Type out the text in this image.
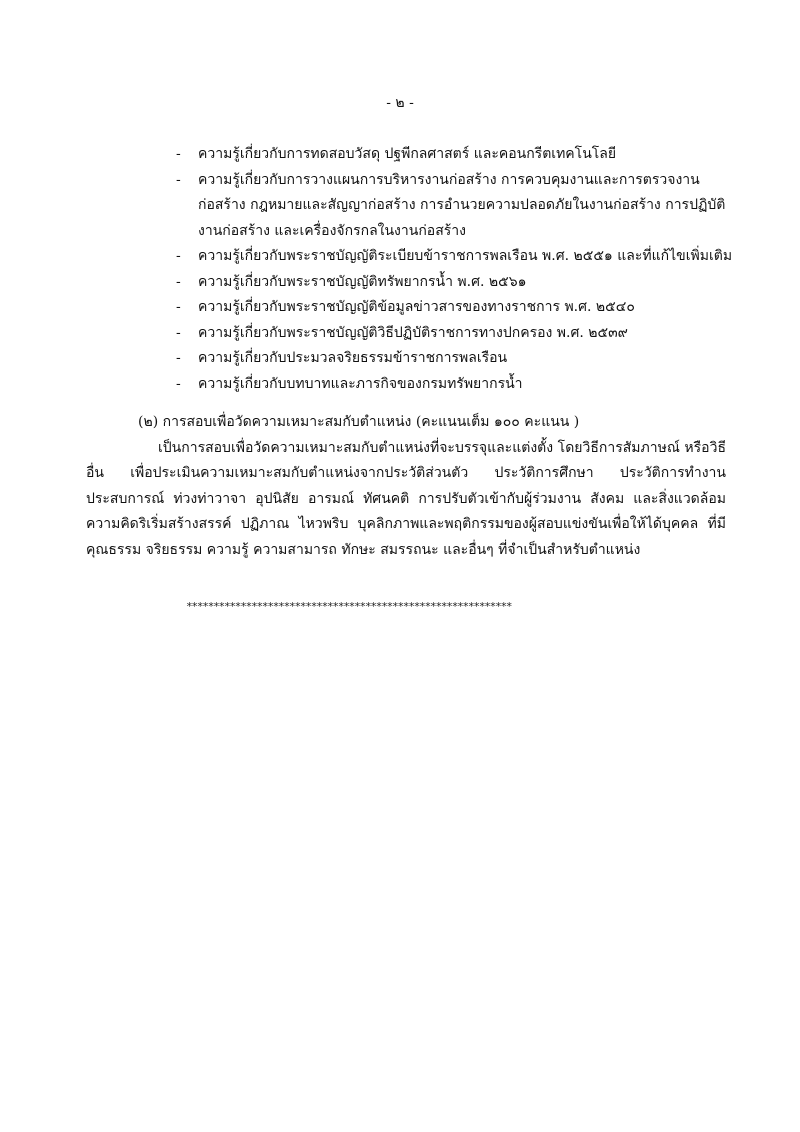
- ๒ -
- ความรู้เกี่ยวกับการทดสอบวัสดุ ปฐพีกลศาสตร์ และคอนกรีตเทคโนโลยี
- ความรู้เกี่ยวกับการวางแผนการบริหารงานก่อสร้าง การควบคุมงานและการตรวจงานก่อสร้าง กฎหมายและสัญญาก่อสร้าง การอำนวยความปลอดภัยในงานก่อสร้าง การปฏิบัติงานก่อสร้าง และเครื่องจักรกลในงานก่อสร้าง
- ความรู้เกี่ยวกับพระราชบัญญัติระเบียบข้าราชการพลเรือน พ.ศ. ๒๕๕๑ และที่แก้ไขเพิ่มเติม
- ความรู้เกี่ยวกับพระราชบัญญัติทรัพยากรน้ำ พ.ศ. ๒๕๖๑
- ความรู้เกี่ยวกับพระราชบัญญัติข้อมูลข่าวสารของทางราชการ พ.ศ. ๒๕๔๐
- ความรู้เกี่ยวกับพระราชบัญญัติวิธีปฏิบัติราชการทางปกครอง พ.ศ. ๒๕๓๙
- ความรู้เกี่ยวกับประมวลจริยธรรมข้าราชการพลเรือน
- ความรู้เกี่ยวกับบทบาทและภารกิจของกรมทรัพยากรน้ำ
(๒) การสอบเพื่อวัดความเหมาะสมกับตำแหน่ง (คะแนนเต็ม ๑๐๐ คะแนน )
เป็นการสอบเพื่อวัดความเหมาะสมกับตำแหน่งที่จะบรรจุและแต่งตั้ง โดยวิธีการสัมภาษณ์ หรือวิธีอื่น เพื่อประเมินความเหมาะสมกับตำแหน่งจากประวัติส่วนตัว ประวัติการศึกษา ประวัติการทำงาน ประสบการณ์ ท่วงท่าวาจา อุปนิสัย อารมณ์ ทัศนคติ การปรับตัวเข้ากับผู้ร่วมงาน สังคม และสิ่งแวดล้อม ความคิดริเริ่มสร้างสรรค์ ปฏิภาณ ไหวพริบ บุคลิกภาพและพฤติกรรมของผู้สอบแข่งขันเพื่อให้ได้บุคคล ที่มีคุณธรรม จริยธรรม ความรู้ ความสามารถ ทักษะ สมรรถนะ และอื่นๆ ที่จำเป็นสำหรับตำแหน่ง
************************************************************
